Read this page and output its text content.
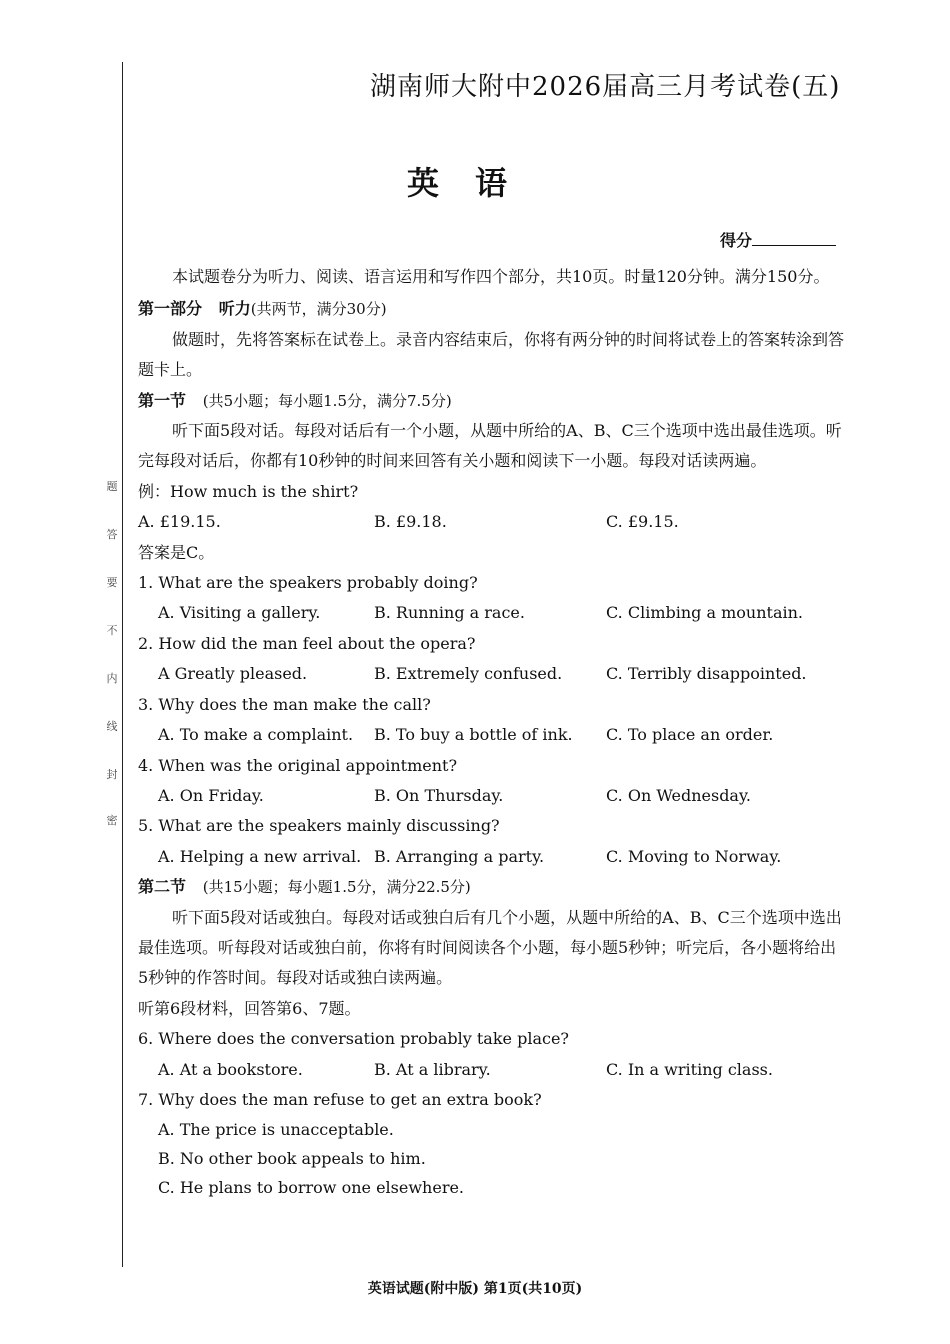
题
答
要
不
内
线
封
密
湖南师大附中2026届高三月考试卷(五)
英语
得分

本试题卷分为听力、阅读、语言运用和写作四个部分，共10页。时量120分钟。满分150分。

第一部分 听力(共两节，满分30分)

做题时，先将答案标在试卷上。录音内容结束后，你将有两分钟的时间将试卷上的答案转涂到答题卡上。

第一节 (共5小题；每小题1.5分，满分7.5分)

听下面5段对话。每段对话后有一个小题，从题中所给的A、B、C三个选项中选出最佳选项。听完每段对话后，你都有10秒钟的时间来回答有关小题和阅读下一小题。每段对话读两遍。

例：How much is the shirt?

A. £19.15.	B. £9.18.	C. £9.15.

答案是C。

1. What are the speakers probably doing?

A. Visiting a gallery.	B. Running a race.	C. Climbing a mountain.

2. How did the man feel about the opera?

A Greatly pleased.	B. Extremely confused.	C. Terribly disappointed.

3. Why does the man make the call?

A. To make a complaint.	B. To buy a bottle of ink.	C. To place an order.

4. When was the original appointment?

A. On Friday.	B. On Thursday.	C. On Wednesday.

5. What are the speakers mainly discussing?

A. Helping a new arrival. B. Arranging a party.	C. Moving to Norway.

第二节 (共15小题；每小题1.5分，满分22.5分)

听下面5段对话或独白。每段对话或独白后有几个小题，从题中所给的A、B、C三个选项中选出最佳选项。听每段对话或独白前，你将有时间阅读各个小题，每小题5秒钟；听完后，各小题将给出5秒钟的作答时间。每段对话或独白读两遍。

听第6段材料，回答第6、7题。

6. Where does the conversation probably take place?

A. At a bookstore.	B. At a library.	C. In a writing class.

7. Why does the man refuse to get an extra book?

A. The price is unacceptable.

B. No other book appeals to him.

C. He plans to borrow one elsewhere.

英语试题(附中版) 第1页(共10页)
